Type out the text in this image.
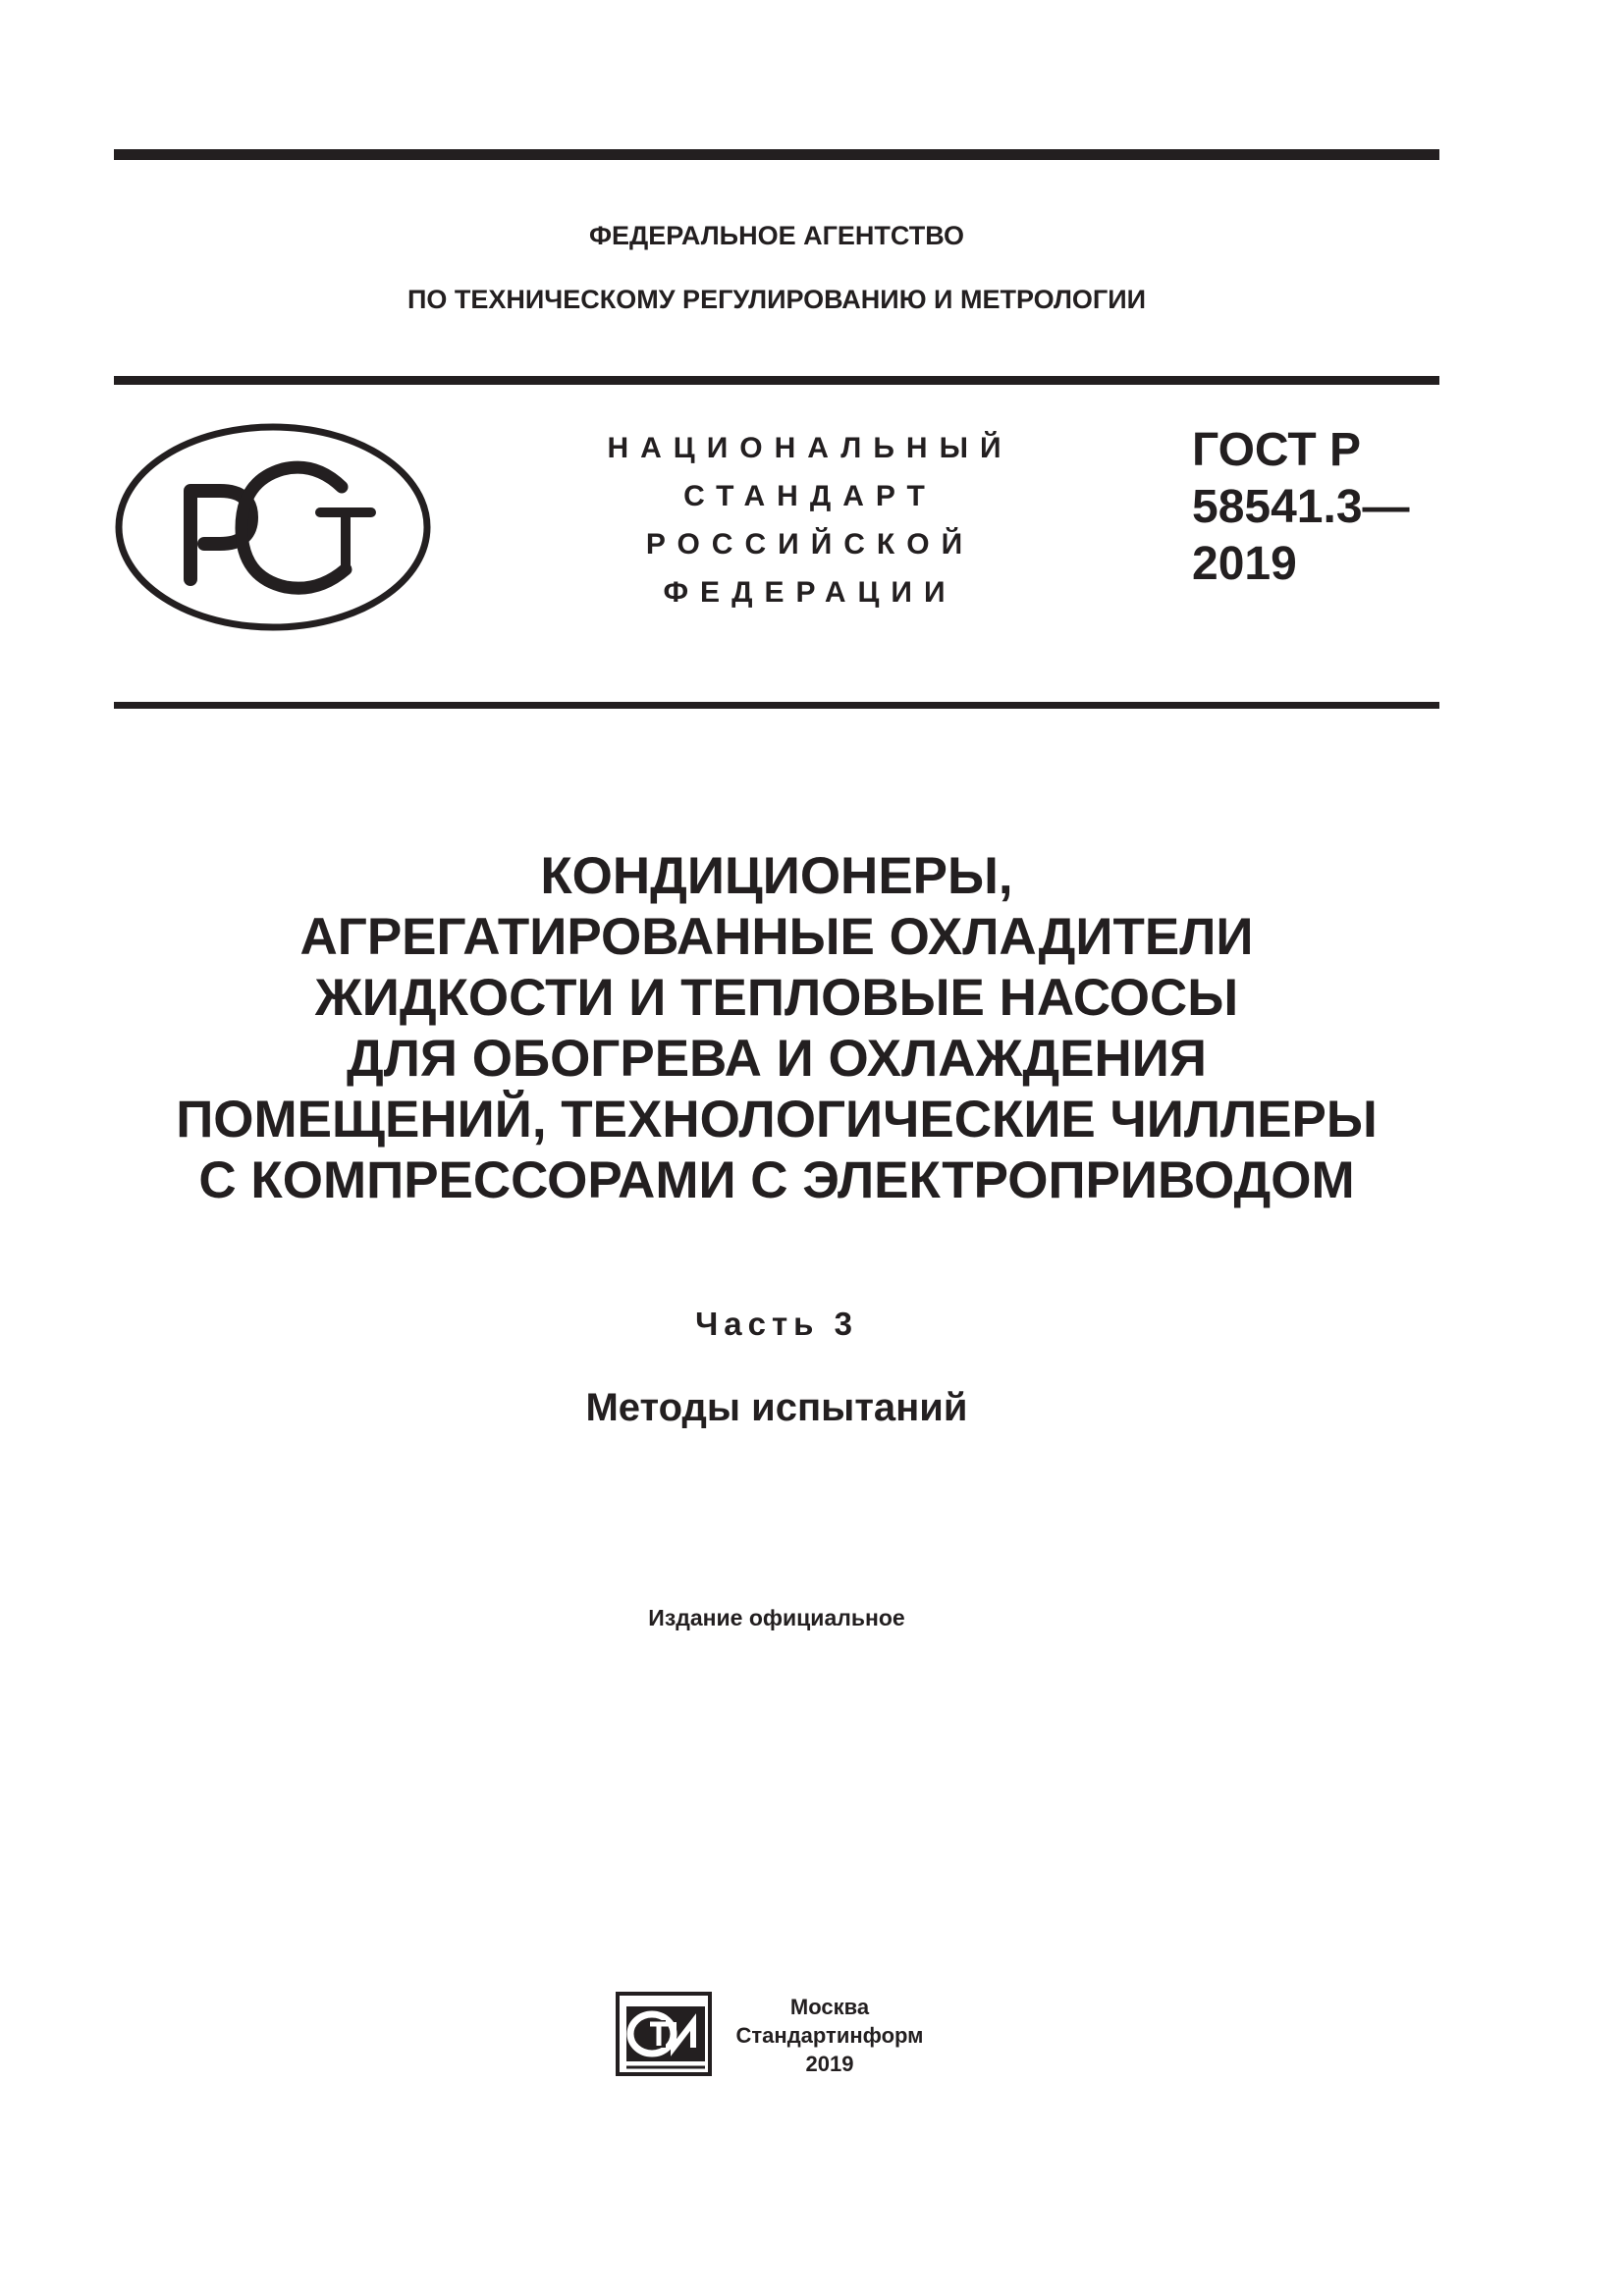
ФЕДЕРАЛЬНОЕ АГЕНТСТВО
ПО ТЕХНИЧЕСКОМУ РЕГУЛИРОВАНИЮ И МЕТРОЛОГИИ
НАЦИОНАЛЬНЫЙ
СТАНДАРТ
РОССИЙСКОЙ
ФЕДЕРАЦИИ
ГОСТ Р
58541.3—
2019
КОНДИЦИОНЕРЫ,
АГРЕГАТИРОВАННЫЕ ОХЛАДИТЕЛИ
ЖИДКОСТИ И ТЕПЛОВЫЕ НАСОСЫ
ДЛЯ ОБОГРЕВА И ОХЛАЖДЕНИЯ
ПОМЕЩЕНИЙ, ТЕХНОЛОГИЧЕСКИЕ ЧИЛЛЕРЫ
С КОМПРЕССОРАМИ С ЭЛЕКТРОПРИВОДОМ
Часть 3
Методы испытаний
Издание официальное
Москва
Стандартинформ
2019
